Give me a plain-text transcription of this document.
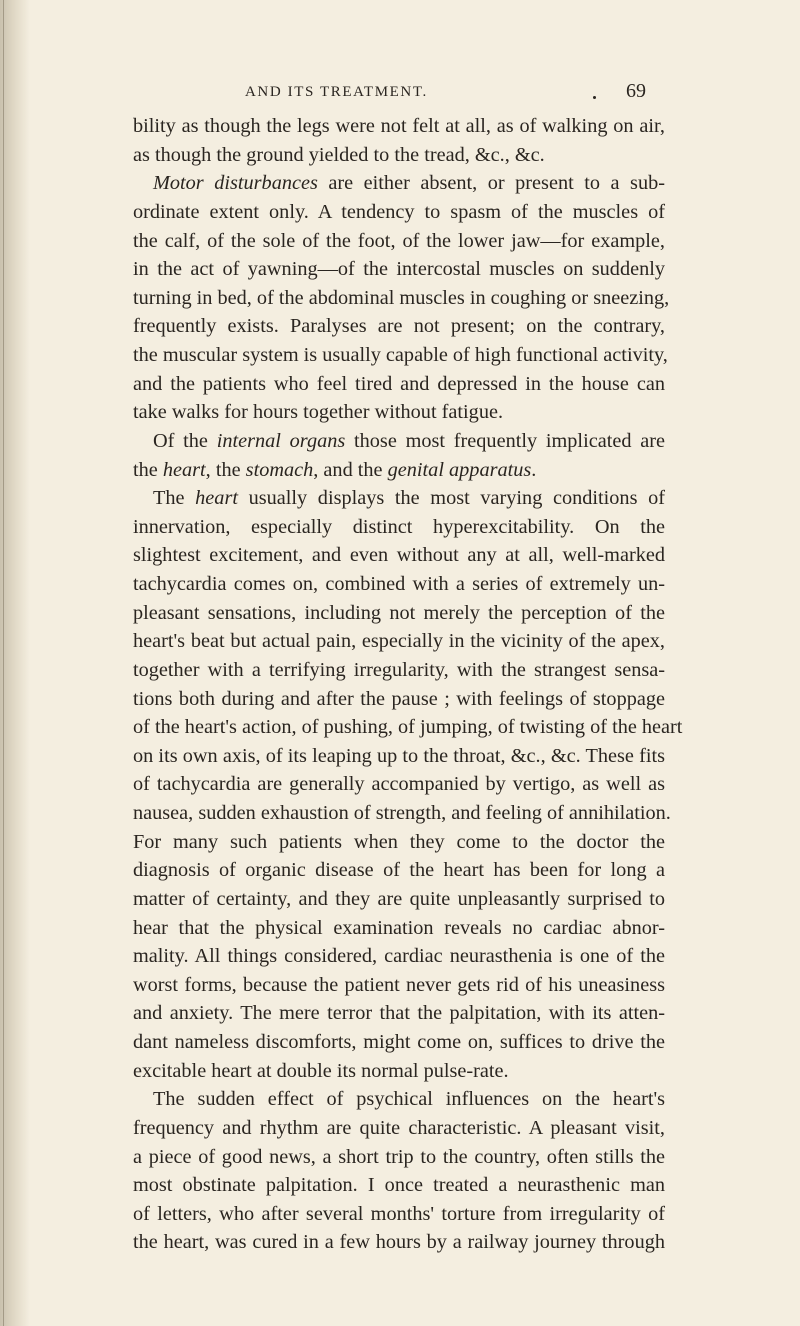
AND ITS TREATMENT.	69
bility as though the legs were not felt at all, as of walking on air,
as though the ground yielded to the tread, &c., &c.
Motor disturbances are either absent, or present to a sub-
ordinate extent only. A tendency to spasm of the muscles of
the calf, of the sole of the foot, of the lower jaw—for example,
in the act of yawning—of the intercostal muscles on suddenly
turning in bed, of the abdominal muscles in coughing or sneezing,
frequently exists. Paralyses are not present; on the contrary,
the muscular system is usually capable of high functional activity,
and the patients who feel tired and depressed in the house can
take walks for hours together without fatigue.
Of the internal organs those most frequently implicated are
the heart, the stomach, and the genital apparatus.
The heart usually displays the most varying conditions of
innervation, especially distinct hyperexcitability. On the
slightest excitement, and even without any at all, well-marked
tachycardia comes on, combined with a series of extremely un-
pleasant sensations, including not merely the perception of the
heart's beat but actual pain, especially in the vicinity of the apex,
together with a terrifying irregularity, with the strangest sensa-
tions both during and after the pause ; with feelings of stoppage
of the heart's action, of pushing, of jumping, of twisting of the heart
on its own axis, of its leaping up to the throat, &c., &c. These fits
of tachycardia are generally accompanied by vertigo, as well as
nausea, sudden exhaustion of strength, and feeling of annihilation.
For many such patients when they come to the doctor the
diagnosis of organic disease of the heart has been for long a
matter of certainty, and they are quite unpleasantly surprised to
hear that the physical examination reveals no cardiac abnor-
mality. All things considered, cardiac neurasthenia is one of the
worst forms, because the patient never gets rid of his uneasiness
and anxiety. The mere terror that the palpitation, with its atten-
dant nameless discomforts, might come on, suffices to drive the
excitable heart at double its normal pulse-rate.
The sudden effect of psychical influences on the heart's
frequency and rhythm are quite characteristic. A pleasant visit,
a piece of good news, a short trip to the country, often stills the
most obstinate palpitation. I once treated a neurasthenic man
of letters, who after several months' torture from irregularity of
the heart, was cured in a few hours by a railway journey through
